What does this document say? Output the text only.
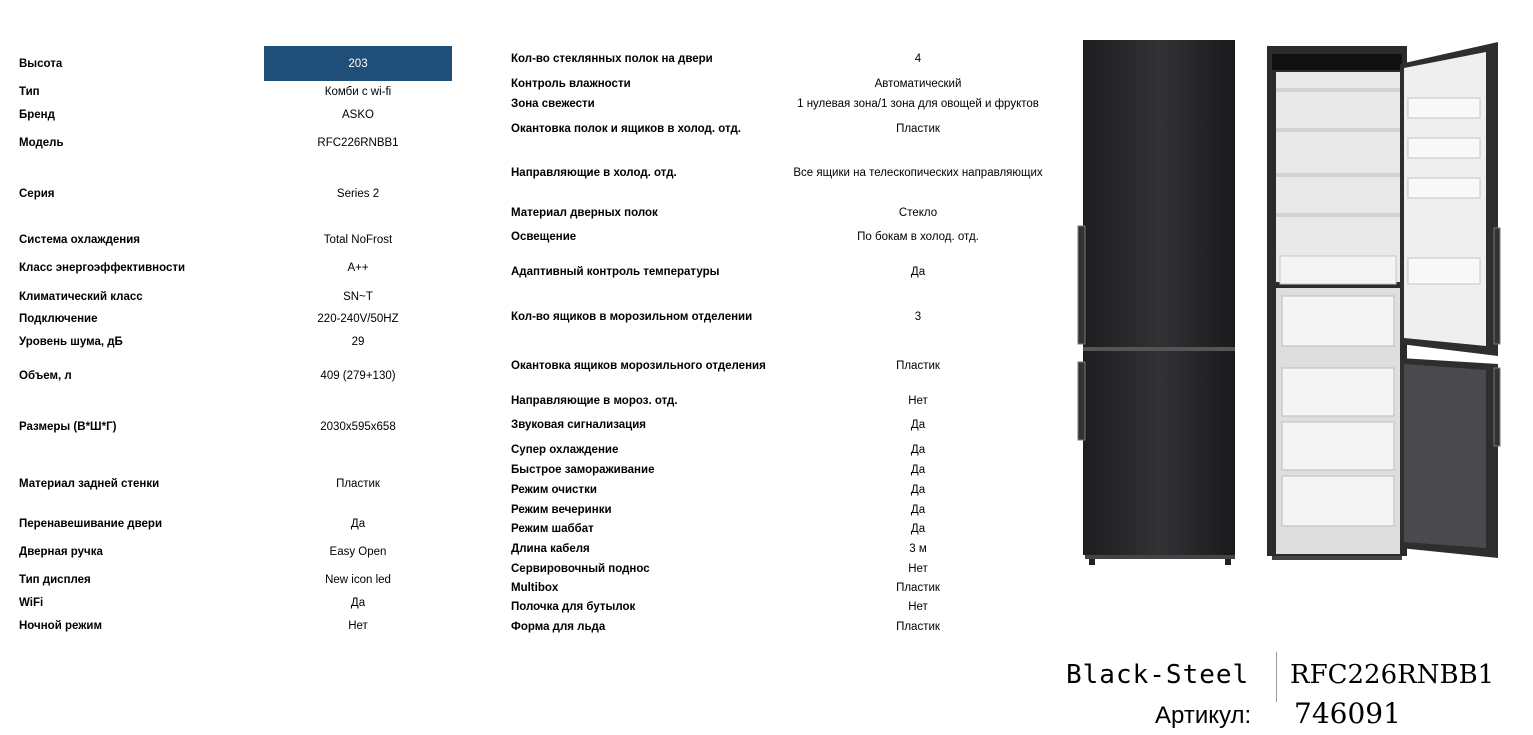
Высота	203
Тип	Комби с wi-fi
Бренд	ASKO
Модель	RFC226RNBB1
Серия	Series 2
Система охлаждения	Total NoFrost
Класс энергоэффективности	A++
Климатический класс	SN~T
Подключение	220-240V/50HZ
Уровень шума, дБ	29
Объем, л	409 (279+130)
Размеры (В*Ш*Г)	2030x595x658
Материал задней стенки	Пластик
Перенавешивание двери	Да
Дверная ручка	Easy Open
Тип дисплея	New icon led
WiFi	Да
Ночной режим	Нет
Кол-во стеклянных полок на двери	4
Контроль влажности	Автоматический
Зона свежести	1 нулевая зона/1 зона для овощей и фруктов
Окантовка полок и ящиков в холод. отд.	Пластик
Направляющие в холод. отд.	Все ящики на телескопических направляющих
Материал дверных полок	Стекло
Освещение	По бокам в холод. отд.
Адаптивный контроль температуры	Да
Кол-во ящиков в морозильном отделении	3
Окантовка ящиков морозильного отделения	Пластик
Направляющие в мороз. отд.	Нет
Звуковая сигнализация	Да
Супер охлаждение	Да
Быстрое замораживание	Да
Режим очистки	Да
Режим вечеринки	Да
Режим шаббат	Да
Длина кабеля	3 м
Сервировочный поднос	Нет
Multibox	Пластик
Полочка для бутылок	Нет
Форма для льда	Пластик
Black-Steel RFC226RNBB1
Артикул: 746091
